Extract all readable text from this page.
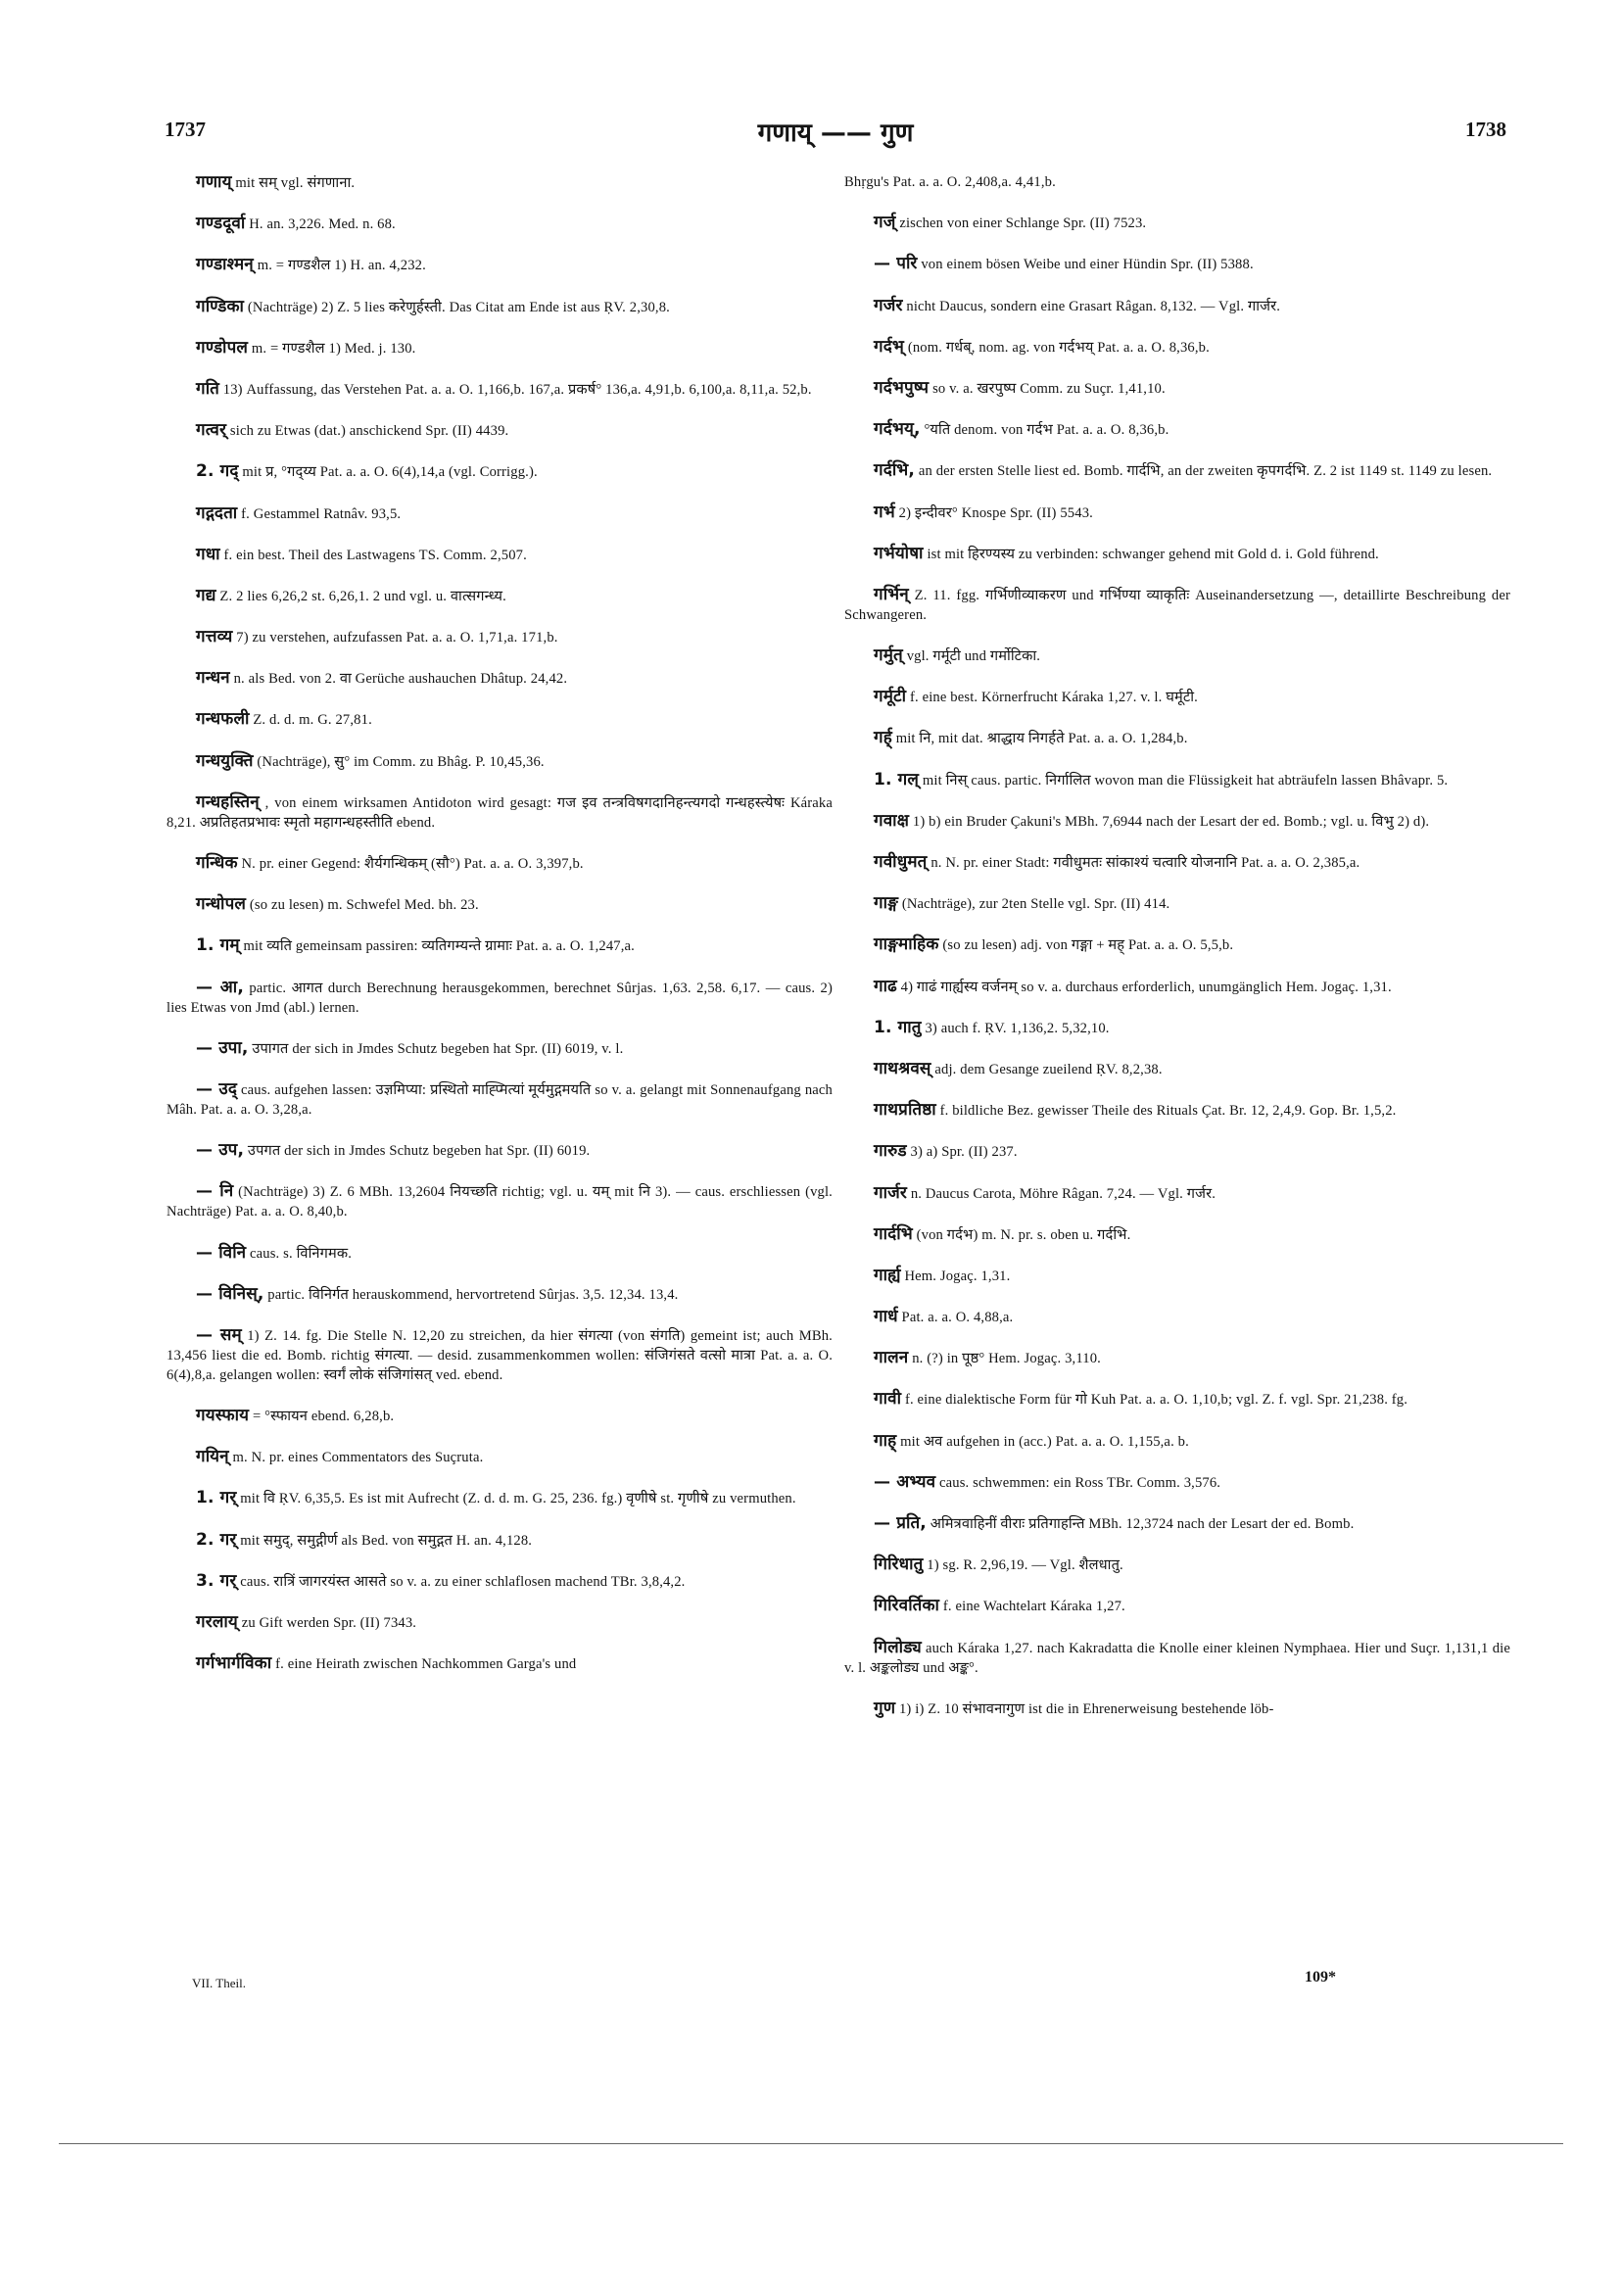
1737	गणाय् —— गुण	1738

गणाय् mit सम् vgl. संगणाना.

गण्डदूर्वा H. an. 3,226. Med. n. 68.

गण्डाश्मन् m. = गण्डशैल 1) H. an. 4,232.

गण्डिका (Nachträge) 2) Z. 5 lies करेणुर्हस्ती. Das Citat am Ende ist aus ṚV. 2,30,8.

गण्डोपल m. = गण्डशैल 1) Med. j. 130.

गति 13) Auffassung, das Verstehen Pat. a. a. O. 1,166,b. 167,a. प्रकर्ष° 136,a. 4,91,b. 6,100,a. 8,11,a. 52,b.

गत्वर् sich zu Etwas (dat.) anschickend Spr. (II) 4439.

2. गद् mit प्र, °गद्य्य Pat. a. a. O. 6(4),14,a (vgl. Corrigg.).

गद्गदता f. Gestammel Ratnâv. 93,5.

गधा f. ein best. Theil des Lastwagens TS. Comm. 2,507.

गद्य Z. 2 lies 6,26,2 st. 6,26,1. 2 und vgl. u. वात्सगन्ध्य.

गत्तव्य 7) zu verstehen, aufzufassen Pat. a. a. O. 1,71,a. 171,b.

गन्धन n. als Bed. von 2. वा Gerüche aushauchen Dhâtup. 24,42.

गन्धफली Z. d. d. m. G. 27,81.

गन्धयुक्ति (Nachträge), सु° im Comm. zu Bhâg. P. 10,45,36.

गन्धहस्तिन् , von einem wirksamen Antidoton wird gesagt: गज इव तन्त्रविषगदानिहन्त्यगदो गन्धहस्त्येषः Káraka 8,21. अप्रतिहतप्रभावः स्मृतो महागन्धहस्तीति ebend.

गन्धिक N. pr. einer Gegend: शैर्यगन्धिकम् (सौ°) Pat. a. a. O. 3,397,b.

गन्धोपल (so zu lesen) m. Schwefel Med. bh. 23.

1. गम् mit व्यति gemeinsam passiren: व्यतिगम्यन्ते ग्रामाः Pat. a. a. O. 1,247,a.

— आ, partic. आगत durch Berechnung herausgekommen, berechnet Sûrjas. 1,63. 2,58. 6,17. — caus. 2) lies Etwas von Jmd (abl.) lernen.

— उपा, उपागत der sich in Jmdes Schutz begeben hat Spr. (II) 6019, v. l.

— उद् caus. aufgehen lassen: उज्ञमिप्या: प्रस्थितो माह्प्मित्यां मूर्यमुद्गमयति so v. a. gelangt mit Sonnenaufgang nach Mâh. Pat. a. a. O. 3,28,a.

— उप, उपगत der sich in Jmdes Schutz begeben hat Spr. (II) 6019.

— नि (Nachträge) 3) Z. 6 MBh. 13,2604 नियच्छति richtig; vgl. u. यम् mit नि 3). — caus. erschliessen (vgl. Nachträge) Pat. a. a. O. 8,40,b.

— विनि caus. s. विनिगमक.

— विनिस्, partic. विनिर्गत herauskommend, hervortretend Sûrjas. 3,5. 12,34. 13,4.

— सम् 1) Z. 14. fg. Die Stelle N. 12,20 zu streichen, da hier संगत्या (von संगति) gemeint ist; auch MBh. 13,456 liest die ed. Bomb. richtig संगत्या. — desid. zusammenkommen wollen: संजिगंसते वत्सो मात्रा Pat. a. a. O. 6(4),8,a. gelangen wollen: स्वर्गं लोकं संजिगांसत् ved. ebend.

गयस्फाय = °स्फायन ebend. 6,28,b.

गयिन् m. N. pr. eines Commentators des Suçruta.

1. गर् mit वि ṚV. 6,35,5. Es ist mit Aufrecht (Z. d. d. m. G. 25, 236. fg.) वृणीषे st. गृणीषे zu vermuthen.

2. गर् mit समुद्, समुद्गीर्ण als Bed. von समुद्गत H. an. 4,128.

3. गर् caus. रात्रिं जागरयंस्त आसते so v. a. zu einer schlaflosen machend TBr. 3,8,4,2.

गरलाय् zu Gift werden Spr. (II) 7343.

गर्गभार्गविका f. eine Heirath zwischen Nachkommen Garga's und

Bhṛgu's Pat. a. a. O. 2,408,a. 4,41,b.

गर्ज् zischen von einer Schlange Spr. (II) 7523.

— परि von einem bösen Weibe und einer Hündin Spr. (II) 5388.

गर्जर nicht Daucus, sondern eine Grasart Râgan. 8,132. — Vgl. गार्जर.

गर्दभ् (nom. गर्धब्, nom. ag. von गर्दभय् Pat. a. a. O. 8,36,b.

गर्दभपुष्प so v. a. खरपुष्प Comm. zu Suçr. 1,41,10.

गर्दभय्, °यति denom. von गर्दभ Pat. a. a. O. 8,36,b.

गर्दभि, an der ersten Stelle liest ed. Bomb. गार्दभि, an der zweiten कृपगर्दभि. Z. 2 ist 1149 st. 1149 zu lesen.

गर्भ 2) इन्दीवर° Knospe Spr. (II) 5543.

गर्भयोषा ist mit हिरण्यस्य zu verbinden: schwanger gehend mit Gold d. i. Gold führend.

गर्भिन् Z. 11. fgg. गर्भिणीव्याकरण und गर्भिण्या व्याकृतिः Auseinandersetzung —, detaillirte Beschreibung der Schwangeren.

गर्मुत् vgl. गर्मूटी und गर्मोटिका.

गर्मूटी f. eine best. Körnerfrucht Káraka 1,27. v. l. घर्मूटी.

गर्ह् mit नि, mit dat. श्राद्धाय निगर्हते Pat. a. a. O. 1,284,b.

1. गल् mit निस् caus. partic. निर्गालित wovon man die Flüssigkeit hat abträufeln lassen Bhâvapr. 5.

गवाक्ष 1) b) ein Bruder Çakuni's MBh. 7,6944 nach der Lesart der ed. Bomb.; vgl. u. विभु 2) d).

गवीधुमत् n. N. pr. einer Stadt: गवीधुमतः सांकाश्यं चत्वारि योजनानि Pat. a. a. O. 2,385,a.

गाङ्ग (Nachträge), zur 2ten Stelle vgl. Spr. (II) 414.

गाङ्गमाहिक (so zu lesen) adj. von गङ्गा + मह् Pat. a. a. O. 5,5,b.

गाढ 4) गाढं गार्ह्यस्य वर्जनम् so v. a. durchaus erforderlich, unumgänglich Hem. Jogaç. 1,31.

1. गातु 3) auch f. ṚV. 1,136,2. 5,32,10.

गाथश्रवस् adj. dem Gesange zueilend ṚV. 8,2,38.

गाथप्रतिष्ठा f. bildliche Bez. gewisser Theile des Rituals Çat. Br. 12, 2,4,9. Gop. Br. 1,5,2.

गारुड 3) a) Spr. (II) 237.

गार्जर n. Daucus Carota, Möhre Râgan. 7,24. — Vgl. गर्जर.

गार्दभि (von गर्दभ) m. N. pr. s. oben u. गर्दभि.

गार्ह्य Hem. Jogaç. 1,31.

गार्ध Pat. a. a. O. 4,88,a.

गालन n. (?) in पूष्ठ° Hem. Jogaç. 3,110.

गावी f. eine dialektische Form für गो Kuh Pat. a. a. O. 1,10,b; vgl. Z. f. vgl. Spr. 21,238. fg.

गाह् mit अव aufgehen in (acc.) Pat. a. a. O. 1,155,a. b.

— अभ्यव caus. schwemmen: ein Ross TBr. Comm. 3,576.

— प्रति, अमित्रवाहिनीं वीराः प्रतिगाहन्ति MBh. 12,3724 nach der Lesart der ed. Bomb.

गिरिधातु 1) sg. R. 2,96,19. — Vgl. शैलधातु.

गिरिवर्तिका f. eine Wachtelart Káraka 1,27.

गिलोड्य auch Káraka 1,27. nach Kakradatta die Knolle einer kleinen Nymphaea. Hier und Suçr. 1,131,1 die v. l. अङ्कलोड्य und अङ्क°.

गुण 1) i) Z. 10 संभावनागुण ist die in Ehrenerweisung bestehende löb-

VII. Theil.	109*
